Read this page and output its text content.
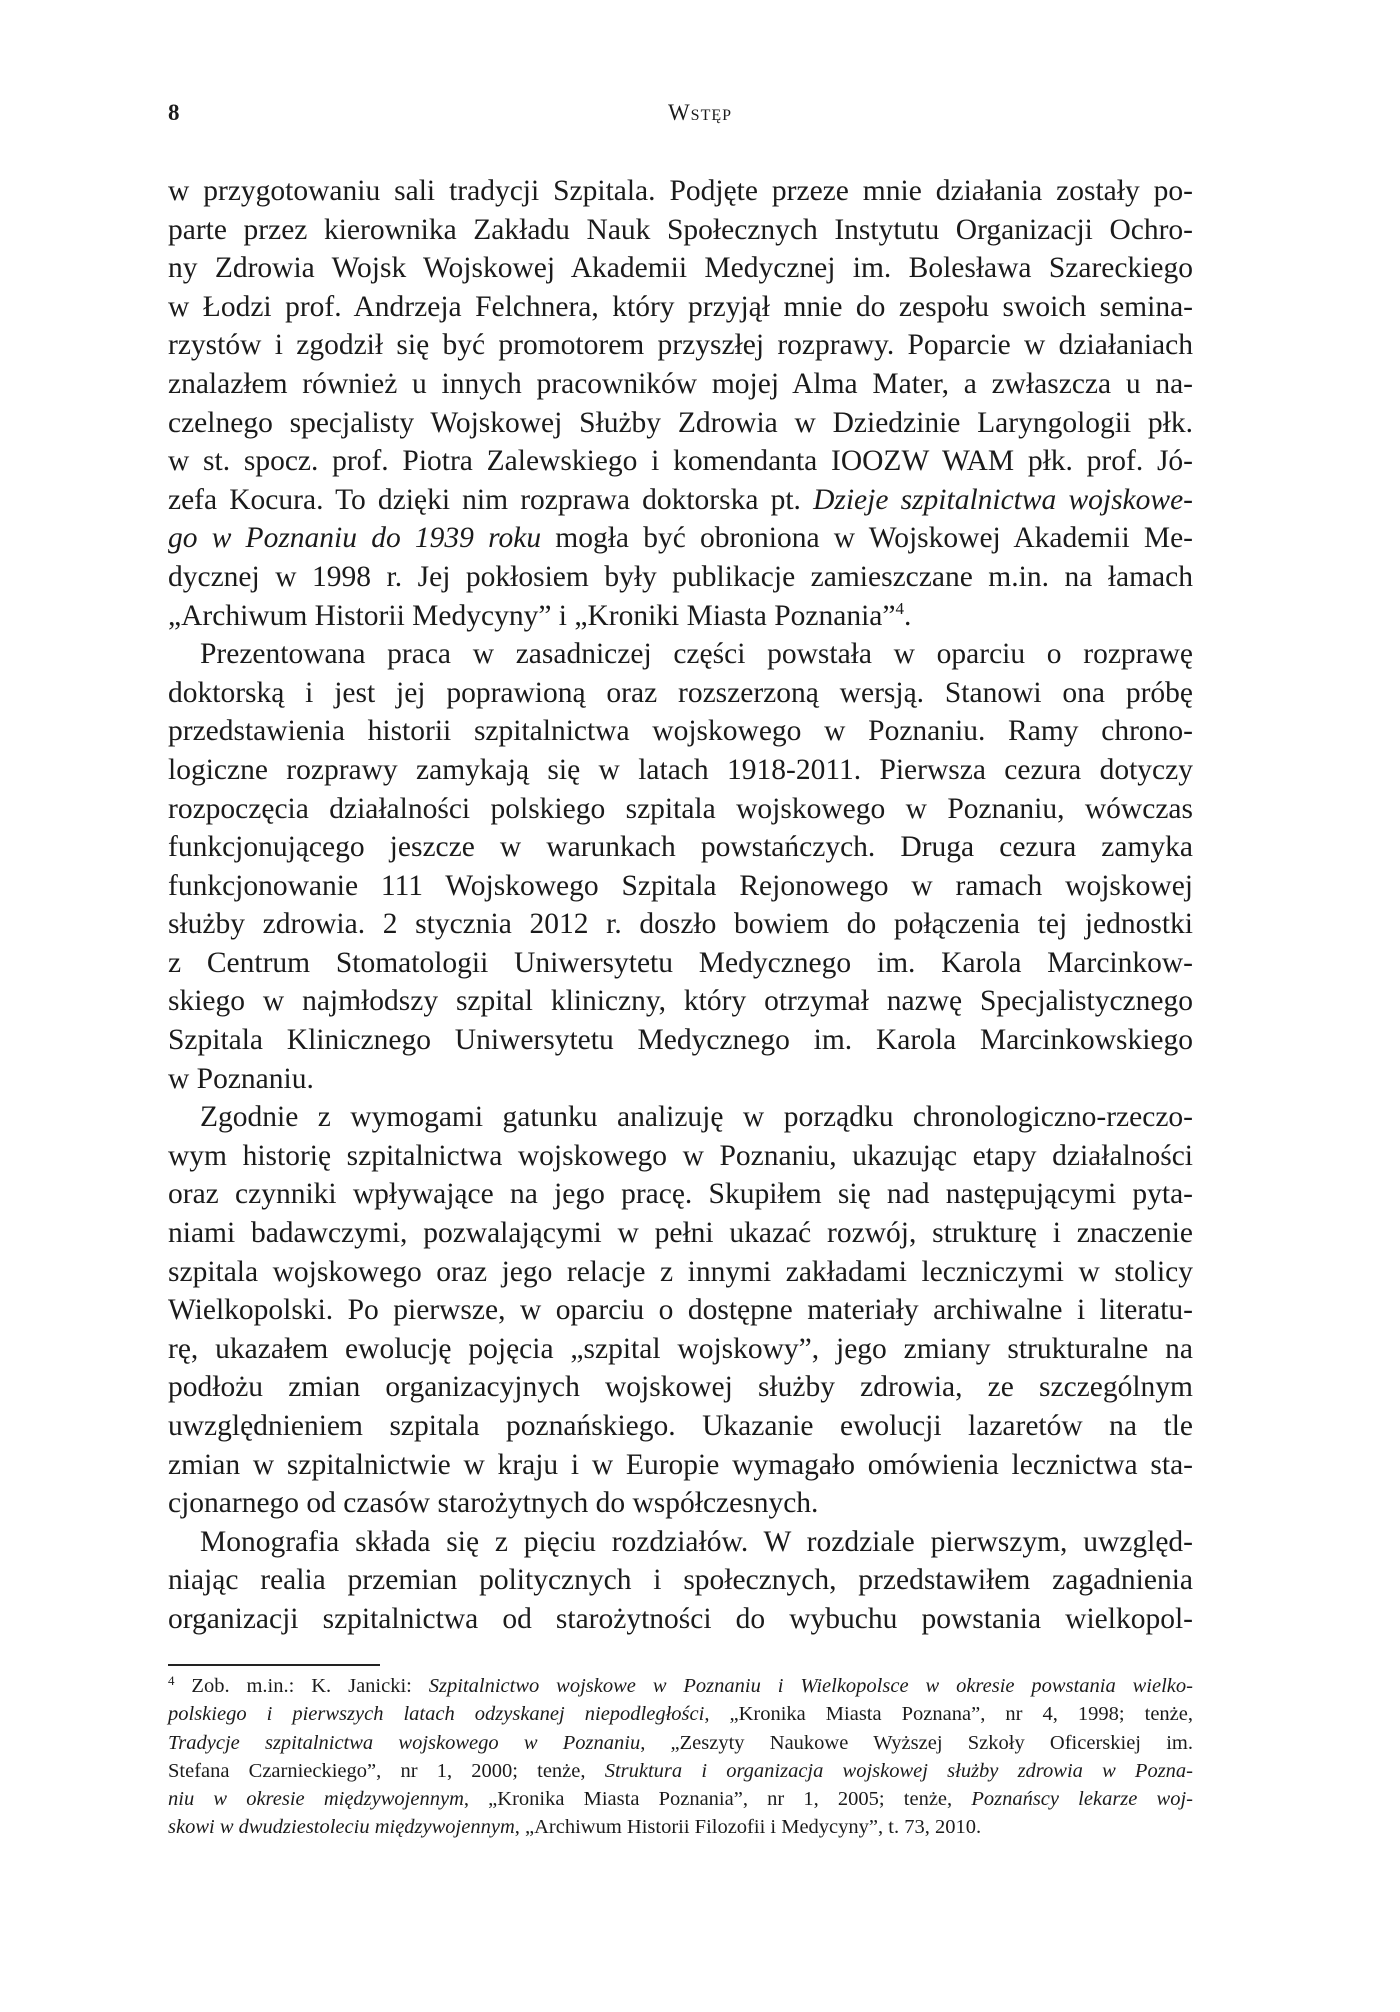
8	Wstęp
w przygotowaniu sali tradycji Szpitala. Podjęte przeze mnie działania zostały po-
parte przez kierownika Zakładu Nauk Społecznych Instytutu Organizacji Ochro-
ny Zdrowia Wojsk Wojskowej Akademii Medycznej im. Bolesława Szareckiego
w Łodzi prof. Andrzeja Felchnera, który przyjął mnie do zespołu swoich semina-
rzystów i zgodził się być promotorem przyszłej rozprawy. Poparcie w działaniach
znalazłem również u innych pracowników mojej Alma Mater, a zwłaszcza u na-
czelnego specjalisty Wojskowej Służby Zdrowia w Dziedzinie Laryngologii płk.
w st. spocz. prof. Piotra Zalewskiego i komendanta IOOZW WAM płk. prof. Jó-
zefa Kocura. To dzięki nim rozprawa doktorska pt. Dzieje szpitalnictwa wojskowe-
go w Poznaniu do 1939 roku mogła być obroniona w Wojskowej Akademii Me-
dycznej w 1998 r. Jej pokłosiem były publikacje zamieszczane m.in. na łamach
„Archiwum Historii Medycyny” i „Kroniki Miasta Poznania”$^4$.
Prezentowana praca w zasadniczej części powstała w oparciu o rozprawę
doktorską i jest jej poprawioną oraz rozszerzoną wersją. Stanowi ona próbę
przedstawienia historii szpitalnictwa wojskowego w Poznaniu. Ramy chrono-
logiczne rozprawy zamykają się w latach 1918-2011. Pierwsza cezura dotyczy
rozpoczęcia działalności polskiego szpitala wojskowego w Poznaniu, wówczas
funkcjonującego jeszcze w warunkach powstańczych. Druga cezura zamyka
funkcjonowanie 111 Wojskowego Szpitala Rejonowego w ramach wojskowej
służby zdrowia. 2 stycznia 2012 r. doszło bowiem do połączenia tej jednostki
z Centrum Stomatologii Uniwersytetu Medycznego im. Karola Marcinkow-
skiego w najmłodszy szpital kliniczny, który otrzymał nazwę Specjalistycznego
Szpitala Klinicznego Uniwersytetu Medycznego im. Karola Marcinkowskiego
w Poznaniu.
Zgodnie z wymogami gatunku analizuję w porządku chronologiczno-rzeczo-
wym historię szpitalnictwa wojskowego w Poznaniu, ukazując etapy działalności
oraz czynniki wpływające na jego pracę. Skupiłem się nad następującymi pyta-
niami badawczymi, pozwalającymi w pełni ukazać rozwój, strukturę i znaczenie
szpitala wojskowego oraz jego relacje z innymi zakładami leczniczymi w stolicy
Wielkopolski. Po pierwsze, w oparciu o dostępne materiały archiwalne i literatu-
rę, ukazałem ewolucję pojęcia „szpital wojskowy”, jego zmiany strukturalne na
podłożu zmian organizacyjnych wojskowej służby zdrowia, ze szczególnym
uwzględnieniem szpitala poznańskiego. Ukazanie ewolucji lazaretów na tle
zmian w szpitalnictwie w kraju i w Europie wymagało omówienia lecznictwa sta-
cjonarnego od czasów starożytnych do współczesnych.
Monografia składa się z pięciu rozdziałów. W rozdziale pierwszym, uwzględ-
niając realia przemian politycznych i społecznych, przedstawiłem zagadnienia
organizacji szpitalnictwa od starożytności do wybuchu powstania wielkopol-
$^4$ Zob. m.in.: K. Janicki: Szpitalnictwo wojskowe w Poznaniu i Wielkopolsce w okresie powstania wielko-
polskiego i pierwszych latach odzyskanej niepodległości, „Kronika Miasta Poznana”, nr 4, 1998; tenże,
Tradycje szpitalnictwa wojskowego w Poznaniu, „Zeszyty Naukowe Wyższej Szkoły Oficerskiej im.
Stefana Czarnieckiego”, nr 1, 2000; tenże, Struktura i organizacja wojskowej służby zdrowia w Pozna-
niu w okresie międzywojennym, „Kronika Miasta Poznania”, nr 1, 2005; tenże, Poznańscy lekarze woj-
skowi w dwudziestoleciu międzywojennym, „Archiwum Historii Filozofii i Medycyny”, t. 73, 2010.
